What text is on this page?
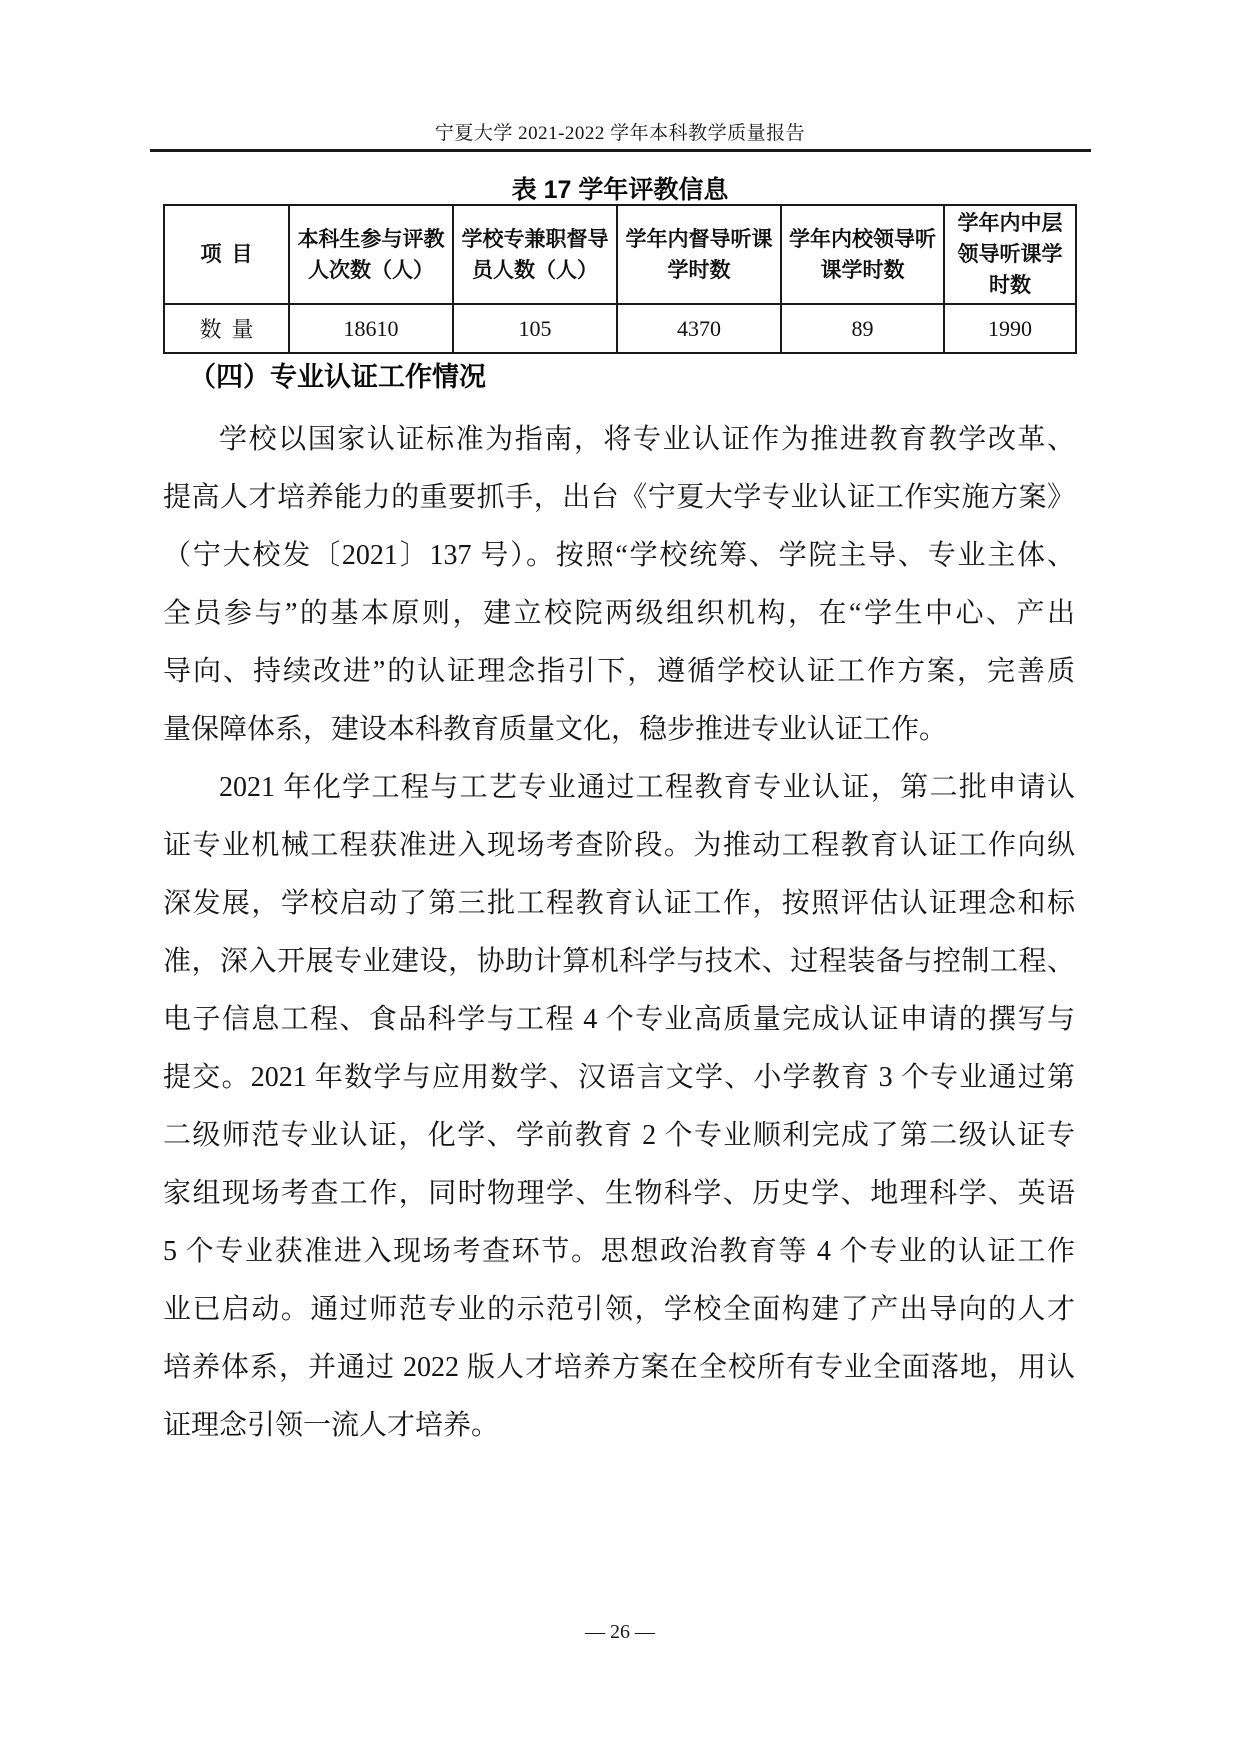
宁夏大学 2021-2022 学年本科教学质量报告
表 17 学年评教信息
项目	本科生参与评教人次数（人）	学校专兼职督导员人数（人）	学年内督导听课学时数	学年内校领导听课学时数	学年内中层领导听课学时数
数量	18610	105	4370	89	1990
（四）专业认证工作情况
学校以国家认证标准为指南，将专业认证作为推进教育教学改革、
提高人才培养能力的重要抓手，出台《宁夏大学专业认证工作实施方案》
（宁大校发〔2021〕137 号）。按照“学校统筹、学院主导、专业主体、
全员参与”的基本原则，建立校院两级组织机构，在“学生中心、产出
导向、持续改进”的认证理念指引下，遵循学校认证工作方案，完善质
量保障体系，建设本科教育质量文化，稳步推进专业认证工作。
2021 年化学工程与工艺专业通过工程教育专业认证，第二批申请认
证专业机械工程获准进入现场考查阶段。为推动工程教育认证工作向纵
深发展，学校启动了第三批工程教育认证工作，按照评估认证理念和标
准，深入开展专业建设，协助计算机科学与技术、过程装备与控制工程、
电子信息工程、食品科学与工程 4 个专业高质量完成认证申请的撰写与
提交。2021 年数学与应用数学、汉语言文学、小学教育 3 个专业通过第
二级师范专业认证，化学、学前教育 2 个专业顺利完成了第二级认证专
家组现场考查工作，同时物理学、生物科学、历史学、地理科学、英语
5 个专业获准进入现场考查环节。思想政治教育等 4 个专业的认证工作
业已启动。通过师范专业的示范引领，学校全面构建了产出导向的人才
培养体系，并通过 2022 版人才培养方案在全校所有专业全面落地，用认
证理念引领一流人才培养。
— 26 —
